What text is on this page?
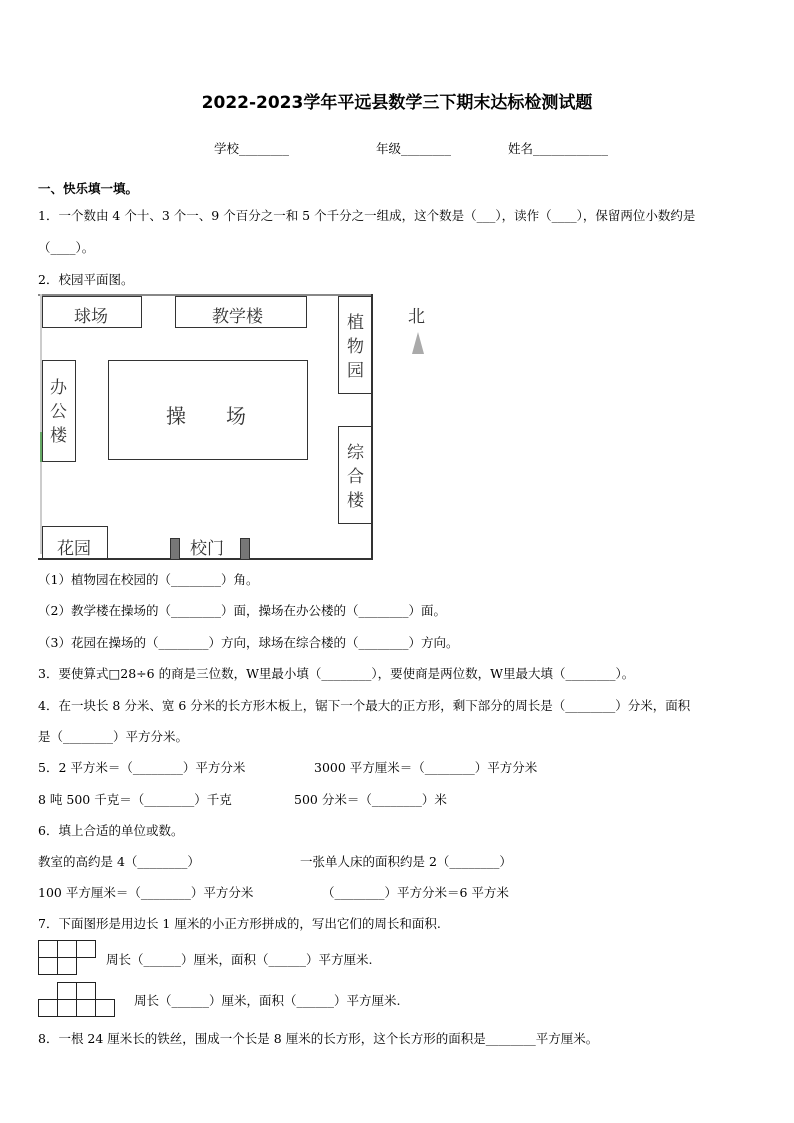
2022-2023学年平远县数学三下期末达标检测试题
学校________	年级________	姓名____________
一、快乐填一填。
1．一个数由 4 个十、3 个一、9 个百分之一和 5 个千分之一组成，这个数是（___），读作（____），保留两位小数约是
（____）。
2．校园平面图。
球场	教学楼	植物园
北
办公楼
操　　场
综合楼
花园	校门
（1）植物园在校园的（________）角。
（2）教学楼在操场的（________）面，操场在办公楼的（________）面。
（3）花园在操场的（________）方向，球场在综合楼的（________）方向。
3．要使算式□28÷6 的商是三位数，W里最小填（________），要使商是两位数，W里最大填（________）。
4．在一块长 8 分米、宽 6 分米的长方形木板上，锯下一个最大的正方形，剩下部分的周长是（________）分米，面积
是（________）平方分米。
5．2 平方米＝（________）平方分米	3000 平方厘米＝（________）平方分米
8 吨 500 千克＝（________）千克	500 分米＝（________）米
6．填上合适的单位或数。
教室的高约是 4（________）	一张单人床的面积约是 2（________）
100 平方厘米＝（________）平方分米	（________）平方分米＝6 平方米
7．下面图形是用边长 1 厘米的小正方形拼成的，写出它们的周长和面积.
周长（______）厘米，面积（______）平方厘米.
周长（______）厘米，面积（______）平方厘米.
8．一根 24 厘米长的铁丝，围成一个长是 8 厘米的长方形，这个长方形的面积是________平方厘米。
